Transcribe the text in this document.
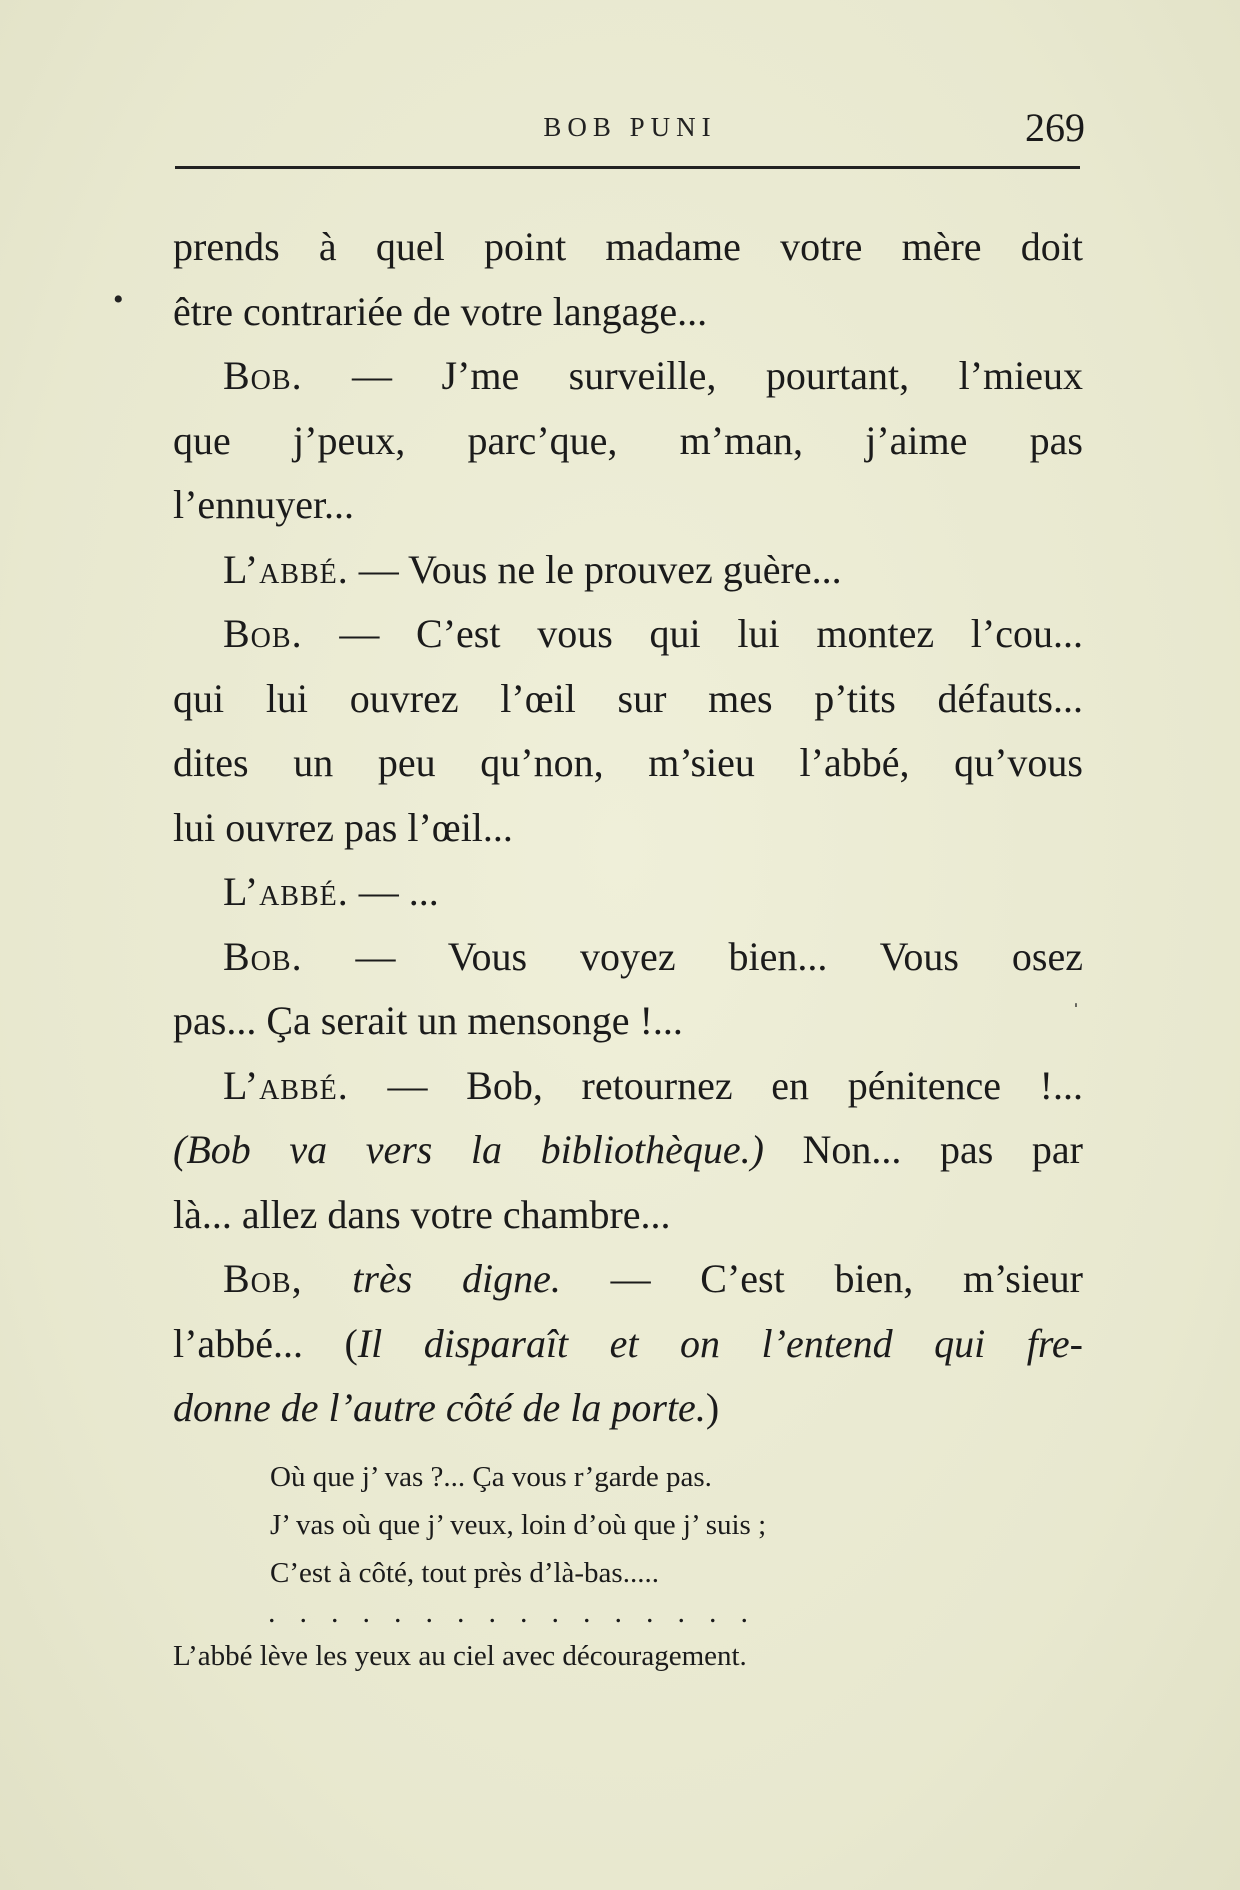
BOB PUNI	269
•
ˈ
prends à quel point madame votre mère doit
être contrariée de votre langage...
Bob. — J’me surveille, pourtant, l’mieux
que j’peux, parc’que, m’man, j’aime pas
l’ennuyer...
L’abbé. — Vous ne le prouvez guère...
Bob. — C’est vous qui lui montez l’cou...
qui lui ouvrez l’œil sur mes p’tits défauts...
dites un peu qu’non, m’sieu l’abbé, qu’vous
lui ouvrez pas l’œil...
L’abbé. — ...
Bob. — Vous voyez bien... Vous osez
pas... Ça serait un mensonge !...
L’abbé. — Bob, retournez en pénitence !...
(Bob va vers la bibliothèque.) Non... pas par
là... allez dans votre chambre...
Bob, très digne. — C’est bien, m’sieur
l’abbé... (Il disparaît et on l’entend qui fre-
donne de l’autre côté de la porte.)
Où que j’ vas ?... Ça vous r’garde pas.
J’ vas où que j’ veux, loin d’où que j’ suis ;
C’est à côté, tout près d’là-bas.....
................
L’abbé lève les yeux au ciel avec découragement.
